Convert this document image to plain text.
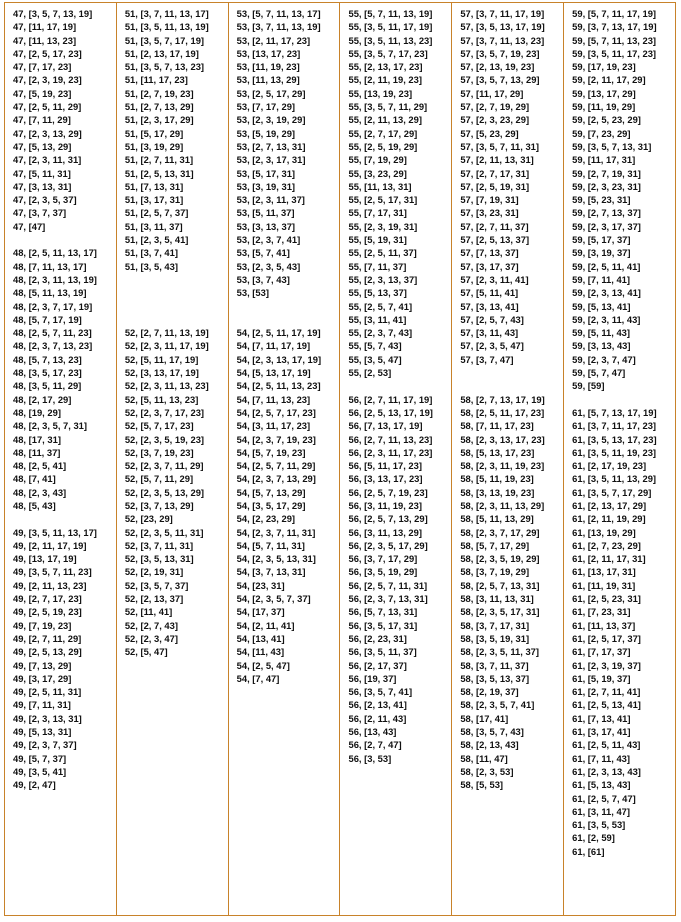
47, [3, 5, 7, 13, 19]
47, [11, 17, 19]
47, [11, 13, 23]
47, [2, 5, 17, 23]
47, [7, 17, 23]
47, [2, 3, 19, 23]
47, [5, 19, 23]
47, [2, 5, 11, 29]
47, [7, 11, 29]
47, [2, 3, 13, 29]
47, [5, 13, 29]
47, [2, 3, 11, 31]
47, [5, 11, 31]
47, [3, 13, 31]
47, [2, 3, 5, 37]
47, [3, 7, 37]
47, [47]
48, [2, 5, 11, 13, 17]
48, [7, 11, 13, 17]
48, [2, 3, 11, 13, 19]
48, [5, 11, 13, 19]
48, [2, 3, 7, 17, 19]
48, [5, 7, 17, 19]
48, [2, 5, 7, 11, 23]
48, [2, 3, 7, 13, 23]
48, [5, 7, 13, 23]
48, [3, 5, 17, 23]
48, [3, 5, 11, 29]
48, [2, 17, 29]
48, [19, 29]
48, [2, 3, 5, 7, 31]
48, [17, 31]
48, [11, 37]
48, [2, 5, 41]
48, [7, 41]
48, [2, 3, 43]
48, [5, 43]
49, [3, 5, 11, 13, 17]
49, [2, 11, 17, 19]
49, [13, 17, 19]
49, [3, 5, 7, 11, 23]
49, [2, 11, 13, 23]
49, [2, 7, 17, 23]
49, [2, 5, 19, 23]
49, [7, 19, 23]
49, [2, 7, 11, 29]
49, [2, 5, 13, 29]
49, [7, 13, 29]
49, [3, 17, 29]
49, [2, 5, 11, 31]
49, [7, 11, 31]
49, [2, 3, 13, 31]
49, [5, 13, 31]
49, [2, 3, 7, 37]
49, [5, 7, 37]
49, [3, 5, 41]
49, [2, 47]
51, [3, 7, 11, 13, 17]
51, [3, 5, 11, 13, 19]
51, [3, 5, 7, 17, 19]
51, [2, 13, 17, 19]
51, [3, 5, 7, 13, 23]
51, [11, 17, 23]
51, [2, 7, 19, 23]
51, [2, 7, 13, 29]
51, [2, 3, 17, 29]
51, [5, 17, 29]
51, [3, 19, 29]
51, [2, 7, 11, 31]
51, [2, 5, 13, 31]
51, [7, 13, 31]
51, [3, 17, 31]
51, [2, 5, 7, 37]
51, [3, 11, 37]
51, [2, 3, 5, 41]
51, [3, 7, 41]
51, [3, 5, 43]
52, [2, 7, 11, 13, 19]
52, [2, 3, 11, 17, 19]
52, [5, 11, 17, 19]
52, [3, 13, 17, 19]
52, [2, 3, 11, 13, 23]
52, [5, 11, 13, 23]
52, [2, 3, 7, 17, 23]
52, [5, 7, 17, 23]
52, [2, 3, 5, 19, 23]
52, [3, 7, 19, 23]
52, [2, 3, 7, 11, 29]
52, [5, 7, 11, 29]
52, [2, 3, 5, 13, 29]
52, [3, 7, 13, 29]
52, [23, 29]
52, [2, 3, 5, 11, 31]
52, [3, 7, 11, 31]
52, [3, 5, 13, 31]
52, [2, 19, 31]
52, [3, 5, 7, 37]
52, [2, 13, 37]
52, [11, 41]
52, [2, 7, 43]
52, [2, 3, 47]
52, [5, 47]
53, [5, 7, 11, 13, 17]
53, [3, 7, 11, 13, 19]
53, [2, 11, 17, 23]
53, [13, 17, 23]
53, [11, 19, 23]
53, [11, 13, 29]
53, [2, 5, 17, 29]
53, [7, 17, 29]
53, [2, 3, 19, 29]
53, [5, 19, 29]
53, [2, 7, 13, 31]
53, [2, 3, 17, 31]
53, [5, 17, 31]
53, [3, 19, 31]
53, [2, 3, 11, 37]
53, [5, 11, 37]
53, [3, 13, 37]
53, [2, 3, 7, 41]
53, [5, 7, 41]
53, [2, 3, 5, 43]
53, [3, 7, 43]
53, [53]
54, [2, 5, 11, 17, 19]
54, [7, 11, 17, 19]
54, [2, 3, 13, 17, 19]
54, [5, 13, 17, 19]
54, [2, 5, 11, 13, 23]
54, [7, 11, 13, 23]
54, [2, 5, 7, 17, 23]
54, [3, 11, 17, 23]
54, [2, 3, 7, 19, 23]
54, [5, 7, 19, 23]
54, [2, 5, 7, 11, 29]
54, [2, 3, 7, 13, 29]
54, [5, 7, 13, 29]
54, [3, 5, 17, 29]
54, [2, 23, 29]
54, [2, 3, 7, 11, 31]
54, [5, 7, 11, 31]
54, [2, 3, 5, 13, 31]
54, [3, 7, 13, 31]
54, [23, 31]
54, [2, 3, 5, 7, 37]
54, [17, 37]
54, [2, 11, 41]
54, [13, 41]
54, [11, 43]
54, [2, 5, 47]
54, [7, 47]
55, [5, 7, 11, 13, 19]
55, [3, 5, 11, 17, 19]
55, [3, 5, 11, 13, 23]
55, [3, 5, 7, 17, 23]
55, [2, 13, 17, 23]
55, [2, 11, 19, 23]
55, [13, 19, 23]
55, [3, 5, 7, 11, 29]
55, [2, 11, 13, 29]
55, [2, 7, 17, 29]
55, [2, 5, 19, 29]
55, [7, 19, 29]
55, [3, 23, 29]
55, [11, 13, 31]
55, [2, 5, 17, 31]
55, [7, 17, 31]
55, [2, 3, 19, 31]
55, [5, 19, 31]
55, [2, 5, 11, 37]
55, [7, 11, 37]
55, [2, 3, 13, 37]
55, [5, 13, 37]
55, [2, 5, 7, 41]
55, [3, 11, 41]
55, [2, 3, 7, 43]
55, [5, 7, 43]
55, [3, 5, 47]
55, [2, 53]
56, [2, 7, 11, 17, 19]
56, [2, 5, 13, 17, 19]
56, [7, 13, 17, 19]
56, [2, 7, 11, 13, 23]
56, [2, 3, 11, 17, 23]
56, [5, 11, 17, 23]
56, [3, 13, 17, 23]
56, [2, 5, 7, 19, 23]
56, [3, 11, 19, 23]
56, [2, 5, 7, 13, 29]
56, [3, 11, 13, 29]
56, [2, 3, 5, 17, 29]
56, [3, 7, 17, 29]
56, [3, 5, 19, 29]
56, [2, 5, 7, 11, 31]
56, [2, 3, 7, 13, 31]
56, [5, 7, 13, 31]
56, [3, 5, 17, 31]
56, [2, 23, 31]
56, [3, 5, 11, 37]
56, [2, 17, 37]
56, [19, 37]
56, [3, 5, 7, 41]
56, [2, 13, 41]
56, [2, 11, 43]
56, [13, 43]
56, [2, 7, 47]
56, [3, 53]
57, [3, 7, 11, 17, 19]
57, [3, 5, 13, 17, 19]
57, [3, 7, 11, 13, 23]
57, [3, 5, 7, 19, 23]
57, [2, 13, 19, 23]
57, [3, 5, 7, 13, 29]
57, [11, 17, 29]
57, [2, 7, 19, 29]
57, [2, 3, 23, 29]
57, [5, 23, 29]
57, [3, 5, 7, 11, 31]
57, [2, 11, 13, 31]
57, [2, 7, 17, 31]
57, [2, 5, 19, 31]
57, [7, 19, 31]
57, [3, 23, 31]
57, [2, 7, 11, 37]
57, [2, 5, 13, 37]
57, [7, 13, 37]
57, [3, 17, 37]
57, [2, 3, 11, 41]
57, [5, 11, 41]
57, [3, 13, 41]
57, [2, 5, 7, 43]
57, [3, 11, 43]
57, [2, 3, 5, 47]
57, [3, 7, 47]
58, [2, 7, 13, 17, 19]
58, [2, 5, 11, 17, 23]
58, [7, 11, 17, 23]
58, [2, 3, 13, 17, 23]
58, [5, 13, 17, 23]
58, [2, 3, 11, 19, 23]
58, [5, 11, 19, 23]
58, [3, 13, 19, 23]
58, [2, 3, 11, 13, 29]
58, [5, 11, 13, 29]
58, [2, 3, 7, 17, 29]
58, [5, 7, 17, 29]
58, [2, 3, 5, 19, 29]
58, [3, 7, 19, 29]
58, [2, 5, 7, 13, 31]
58, [3, 11, 13, 31]
58, [2, 3, 5, 17, 31]
58, [3, 7, 17, 31]
58, [3, 5, 19, 31]
58, [2, 3, 5, 11, 37]
58, [3, 7, 11, 37]
58, [3, 5, 13, 37]
58, [2, 19, 37]
58, [2, 3, 5, 7, 41]
58, [17, 41]
58, [3, 5, 7, 43]
58, [2, 13, 43]
58, [11, 47]
58, [2, 3, 53]
58, [5, 53]
59, [5, 7, 11, 17, 19]
59, [3, 7, 13, 17, 19]
59, [5, 7, 11, 13, 23]
59, [3, 5, 11, 17, 23]
59, [17, 19, 23]
59, [2, 11, 17, 29]
59, [13, 17, 29]
59, [11, 19, 29]
59, [2, 5, 23, 29]
59, [7, 23, 29]
59, [3, 5, 7, 13, 31]
59, [11, 17, 31]
59, [2, 7, 19, 31]
59, [2, 3, 23, 31]
59, [5, 23, 31]
59, [2, 7, 13, 37]
59, [2, 3, 17, 37]
59, [5, 17, 37]
59, [3, 19, 37]
59, [2, 5, 11, 41]
59, [7, 11, 41]
59, [2, 3, 13, 41]
59, [5, 13, 41]
59, [2, 3, 11, 43]
59, [5, 11, 43]
59, [3, 13, 43]
59, [2, 3, 7, 47]
59, [5, 7, 47]
59, [59]
61, [5, 7, 13, 17, 19]
61, [3, 7, 11, 17, 23]
61, [3, 5, 13, 17, 23]
61, [3, 5, 11, 19, 23]
61, [2, 17, 19, 23]
61, [3, 5, 11, 13, 29]
61, [3, 5, 7, 17, 29]
61, [2, 13, 17, 29]
61, [2, 11, 19, 29]
61, [13, 19, 29]
61, [2, 7, 23, 29]
61, [2, 11, 17, 31]
61, [13, 17, 31]
61, [11, 19, 31]
61, [2, 5, 23, 31]
61, [7, 23, 31]
61, [11, 13, 37]
61, [2, 5, 17, 37]
61, [7, 17, 37]
61, [2, 3, 19, 37]
61, [5, 19, 37]
61, [2, 7, 11, 41]
61, [2, 5, 13, 41]
61, [7, 13, 41]
61, [3, 17, 41]
61, [2, 5, 11, 43]
61, [7, 11, 43]
61, [2, 3, 13, 43]
61, [5, 13, 43]
61, [2, 5, 7, 47]
61, [3, 11, 47]
61, [3, 5, 53]
61, [2, 59]
61, [61]
